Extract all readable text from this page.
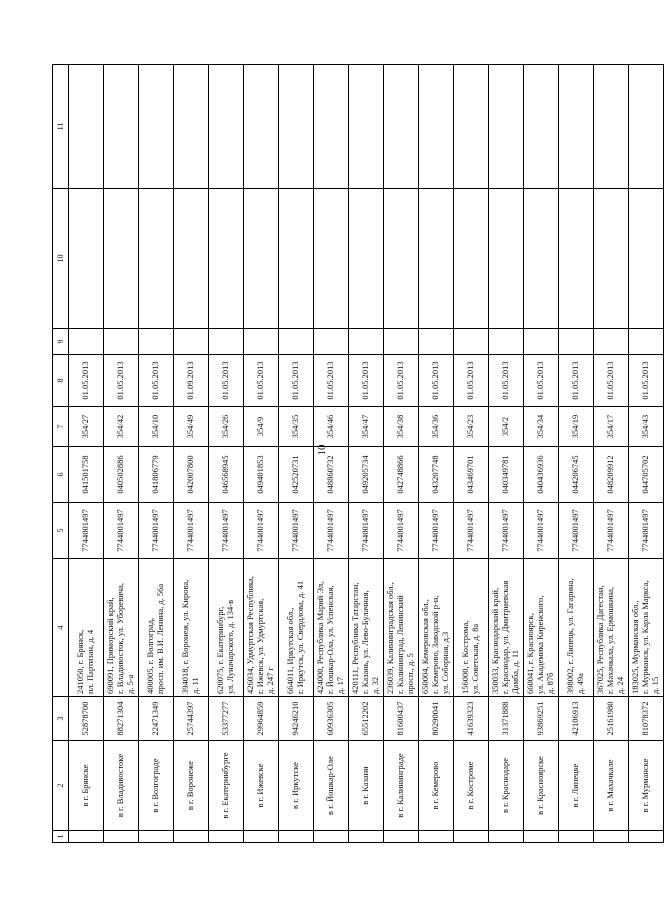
10
1	2	3	4	5	6	7	8	9	10	11
	в г. Брянске	52878700	241050, г. Брянск,
пл. Партизан, д. 4	7744001497	041501758	354/27	01.05.2013			
	в г. Владивостоке	88271304	690091, Приморский край,
г. Владивосток, ул. Уборевича,
д. 5-а	7744001497	040502886	354/42	01.05.2013			
	в г. Волгограде	22471349	400005, г. Волгоград,
просп. им. В.И. Ленина, д. 56а	7744001497	041806779	354/10	01.05.2013			
	в г. Воронеже	25744397	394018, г. Воронеж, ул. Кирова,
д. 11	7744001497	042007800	354/49	01.09.2013			
	в г. Екатеринбурге	53377277	620075, г. Екатеринбург,
ул. Луначарского, д. 134-в	7744001497	046568945	354/26	01.05.2013			
	в г. Ижевске	29964859	426034, Удмуртская Республика,
г. Ижевск, ул. Удмуртская,
д. 247 г	7744001497	049401853	354/9	01.05.2013			
	в г. Иркутске	94246210	664011, Иркутская обл.,
г. Иркутск, ул. Свердлова, д. 41	7744001497	042520731	354/35	01.05.2013			
	в г. Йошкар-Оле	60936305	424000, Республика Марий Эл,
г. Йошкар-Ола, ул. Успенская,
д. 17	7744001497	048860732	354/46	01.05.2013			
	в г. Казани	65512202	420111, Республика Татарстан,
г. Казань, ул. Лево-Булачная,
д. 32	7744001497	049205734	354/47	01.05.2013			
	в г. Калининграде	81600437	236039, Калининградская обл.,
г. Калининград, Ленинский
просп., д. 5	7744001497	042748866	354/38	01.05.2013			
	в г. Кемерово	80290041	650004, Кемеровская обл.,
г. Кемерово, Заводской р-н,
ул. Соборная, д.3	7744001497	043207748	354/36	01.05.2013			
	в г. Костроме	41639323	156000, г. Кострома,
ул. Советская, д. 8а	7744001497	043469701	354/23	01.05.2013			
	в г. Краснодаре	31371888	350033, Краснодарский край,
г. Краснодар, ул. Дмитриевская
Дамба, д. 11	7744001497	040349781	354/2	01.05.2013			
	в г. Красноярске	93869251	660041, г. Красноярск,
ул. Академика Киренского,
д. 87б	7744001497	040436936	354/34	01.05.2013			
	в г. Липецке	42106913	398002, г. Липецк, ул. Гагарина,
д. 49а	7744001497	044206745	354/19	01.05.2013			
	в г. Махачкале	25161980	367025, Республика Дагестан,
г. Махачкала, ул. Ермошкина,
д. 24	7744001497	048209912	354/17	01.05.2013			
	в г. Мурманске	81078372	183025, Мурманская обл.,
г. Мурманск, ул. Карла Маркса,
д. 15	7744001497	044705702	354/43	01.05.2013			
